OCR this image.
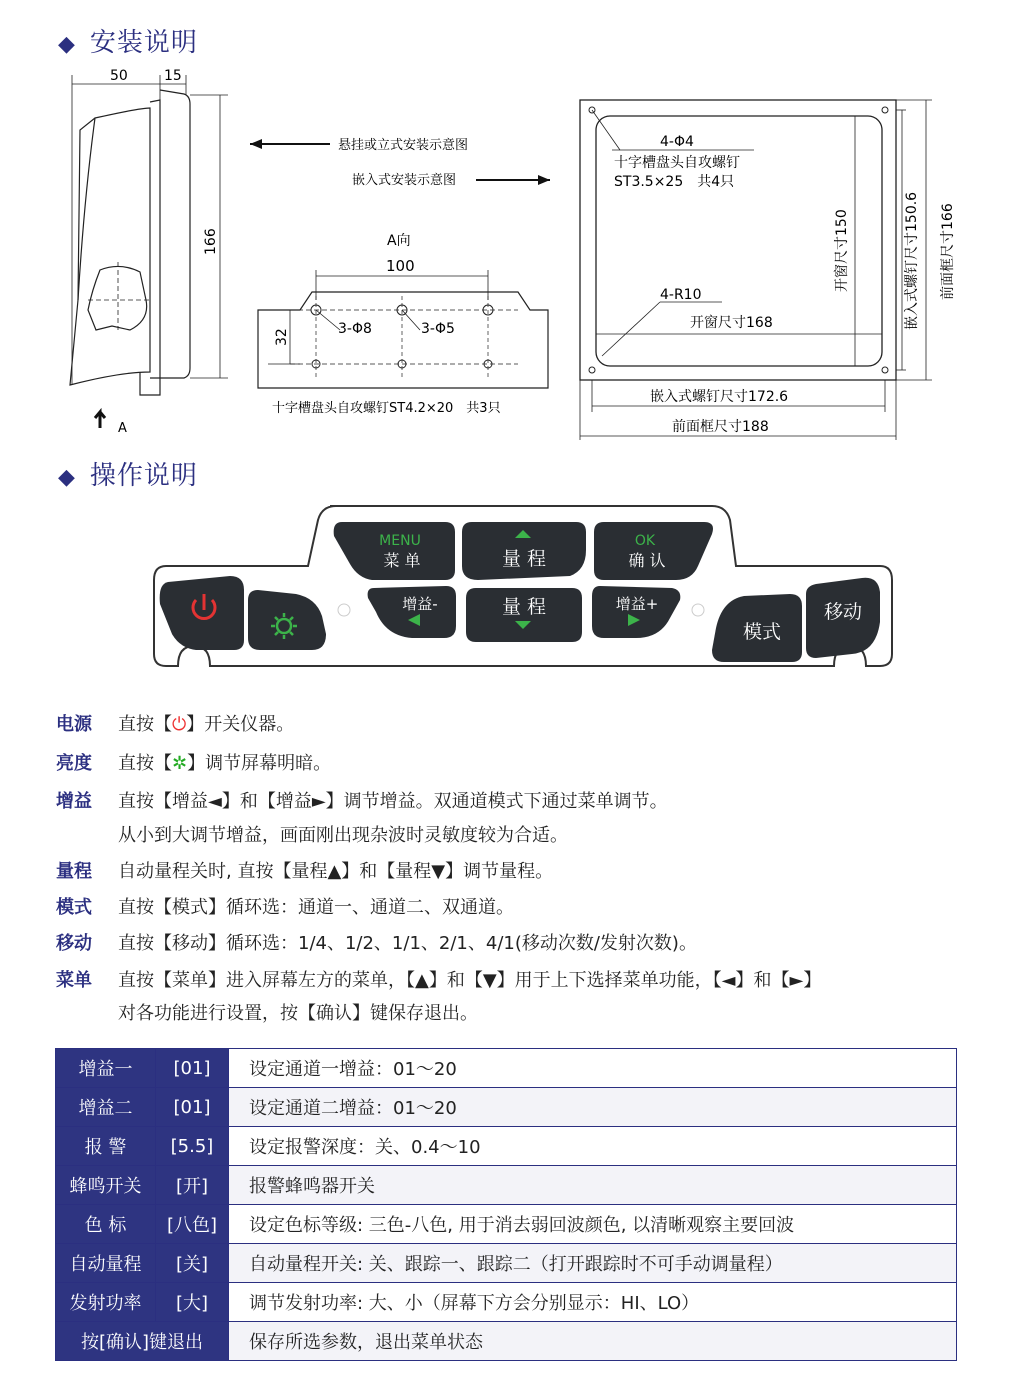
◆ 安装说明
50	15
166
A
悬挂或立式安装示意图
嵌入式安装示意图
A向
100
32	3-Φ8	3-Φ5
十字槽盘头自攻螺钉ST4.2×20　共3只
4-Φ4
十字槽盘头自攻螺钉
ST3.5×25　共4只
4-R10
开窗尺寸168
开窗尺寸150	嵌入式螺钉尺寸150.6 前面框尺寸166
嵌入式螺钉尺寸172.6
前面框尺寸188
◆ 操作说明
MENU
菜 单	量 程
OK
确 认
增益-	量 程	增益+
模式
移动
电源 直按【⏻】开关仪器。
亮度 直按【✲】调节屏幕明暗。
增益 直按【增益◄】和【增益►】调节增益。双通道模式下通过菜单调节。
从小到大调节增益，画面刚出现杂波时灵敏度较为合适。
量程 自动量程关时, 直按【量程▲】和【量程▼】调节量程。
模式 直按【模式】循环选：通道一、通道二、双通道。
移动 直按【移动】循环选：1/4、1/2、1/1、2/1、4/1(移动次数/发射次数)。
菜单 直按【菜单】进入屏幕左方的菜单，【▲】和【▼】用于上下选择菜单功能，【◄】和【►】
对各功能进行设置，按【确认】键保存退出。
增益一	[01]	设定通道一增益：01～20
增益二	[01]	设定通道二增益：01～20
报 警	[5.5]	设定报警深度：关、0.4～10
蜂鸣开关	[开]	报警蜂鸣器开关
色 标	[八色]	设定色标等级: 三色-八色, 用于消去弱回波颜色, 以清晰观察主要回波
自动量程	[关]	自动量程开关: 关、跟踪一、跟踪二（打开跟踪时不可手动调量程）
发射功率	[大]	调节发射功率: 大、小（屏幕下方会分别显示：HI、LO）
按[确认]键退出		保存所选参数，退出菜单状态
